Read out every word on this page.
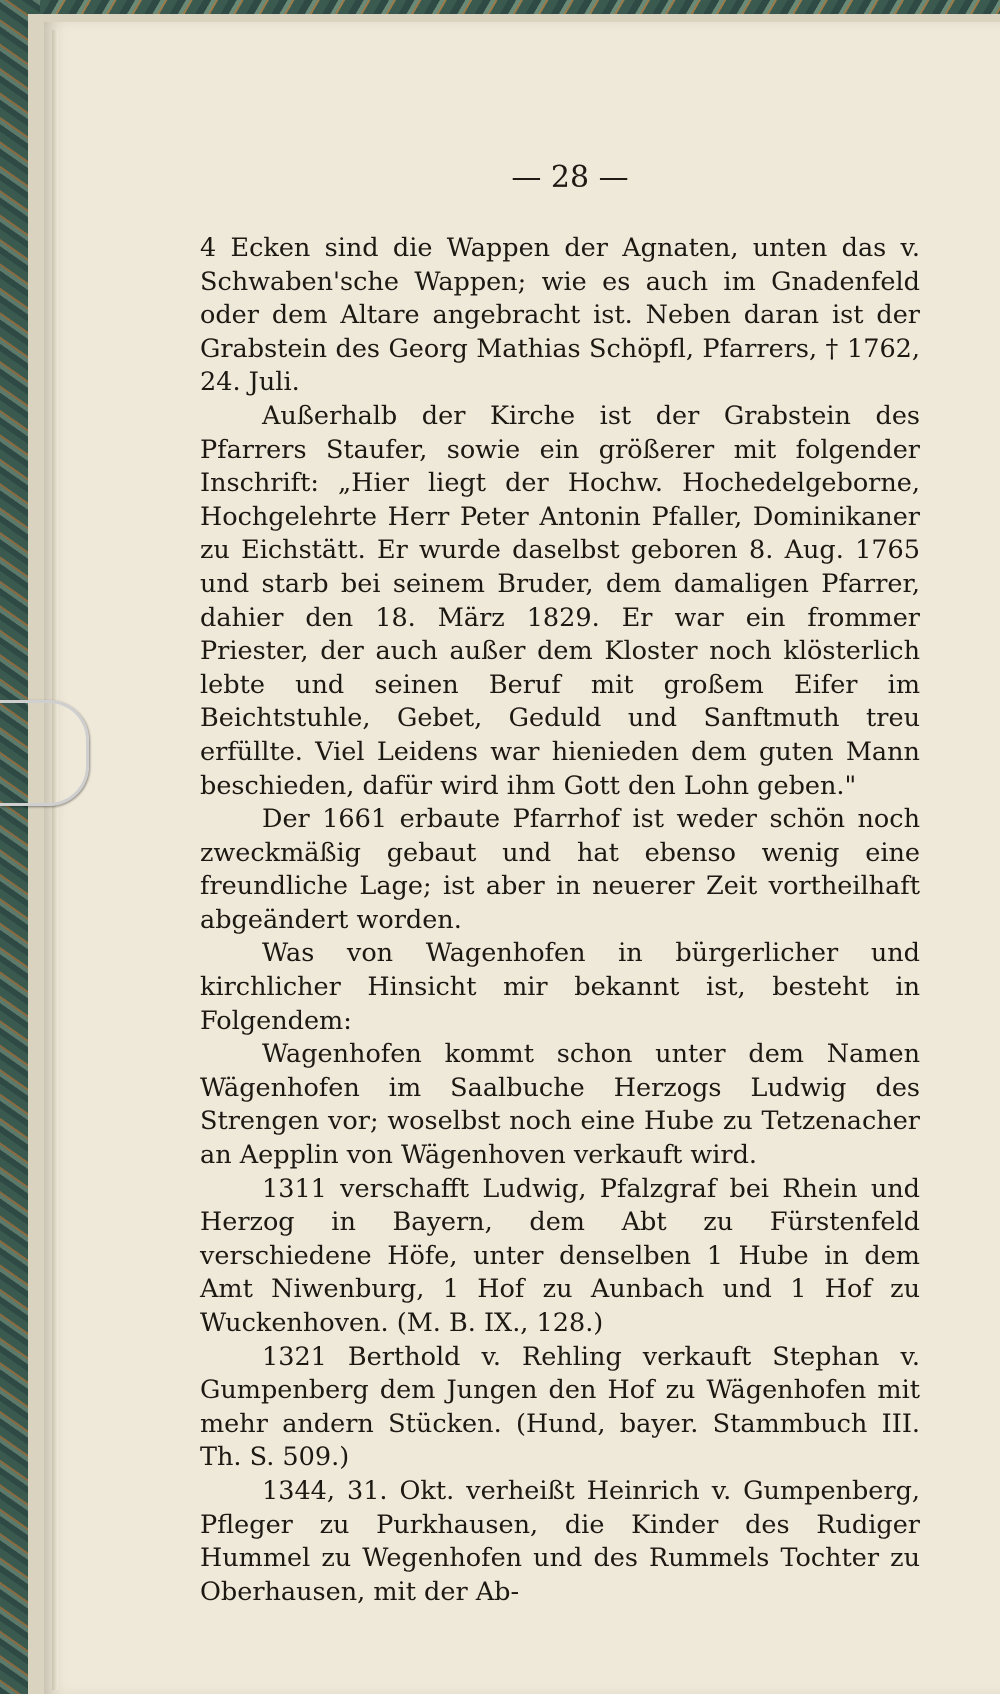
— 28 —

4 Ecken sind die Wappen der Agnaten, unten das v. Schwaben'sche Wappen; wie es auch im Gnadenfeld oder dem Altare angebracht ist. Neben daran ist der Grabstein des Georg Mathias Schöpfl, Pfarrers, † 1762, 24. Juli.

Außerhalb der Kirche ist der Grabstein des Pfarrers Staufer, sowie ein größerer mit folgender Inschrift: „Hier liegt der Hochw. Hochedelgeborne, Hochgelehrte Herr Peter Antonin Pfaller, Dominikaner zu Eichstätt. Er wurde daselbst geboren 8. Aug. 1765 und starb bei seinem Bruder, dem damaligen Pfarrer, dahier den 18. März 1829. Er war ein frommer Priester, der auch außer dem Kloster noch klösterlich lebte und seinen Beruf mit großem Eifer im Beichtstuhle, Gebet, Geduld und Sanftmuth treu erfüllte. Viel Leidens war hienieden dem guten Mann beschieden, dafür wird ihm Gott den Lohn geben."

Der 1661 erbaute Pfarrhof ist weder schön noch zweckmäßig gebaut und hat ebenso wenig eine freundliche Lage; ist aber in neuerer Zeit vortheilhaft abgeändert worden.

Was von Wagenhofen in bürgerlicher und kirchlicher Hinsicht mir bekannt ist, besteht in Folgendem:

Wagenhofen kommt schon unter dem Namen Wägenhofen im Saalbuche Herzogs Ludwig des Strengen vor; woselbst noch eine Hube zu Tetzenacher an Aepplin von Wägenhoven verkauft wird.

1311 verschafft Ludwig, Pfalzgraf bei Rhein und Herzog in Bayern, dem Abt zu Fürstenfeld verschiedene Höfe, unter denselben 1 Hube in dem Amt Niwenburg, 1 Hof zu Aunbach und 1 Hof zu Wuckenhoven. (M. B. IX., 128.)

1321 Berthold v. Rehling verkauft Stephan v. Gumpenberg dem Jungen den Hof zu Wägenhofen mit mehr andern Stücken. (Hund, bayer. Stammbuch III. Th. S. 509.)

1344, 31. Okt. verheißt Heinrich v. Gumpenberg, Pfleger zu Purkhausen, die Kinder des Rudiger Hummel zu Wegenhofen und des Rummels Tochter zu Oberhausen, mit der Ab-
